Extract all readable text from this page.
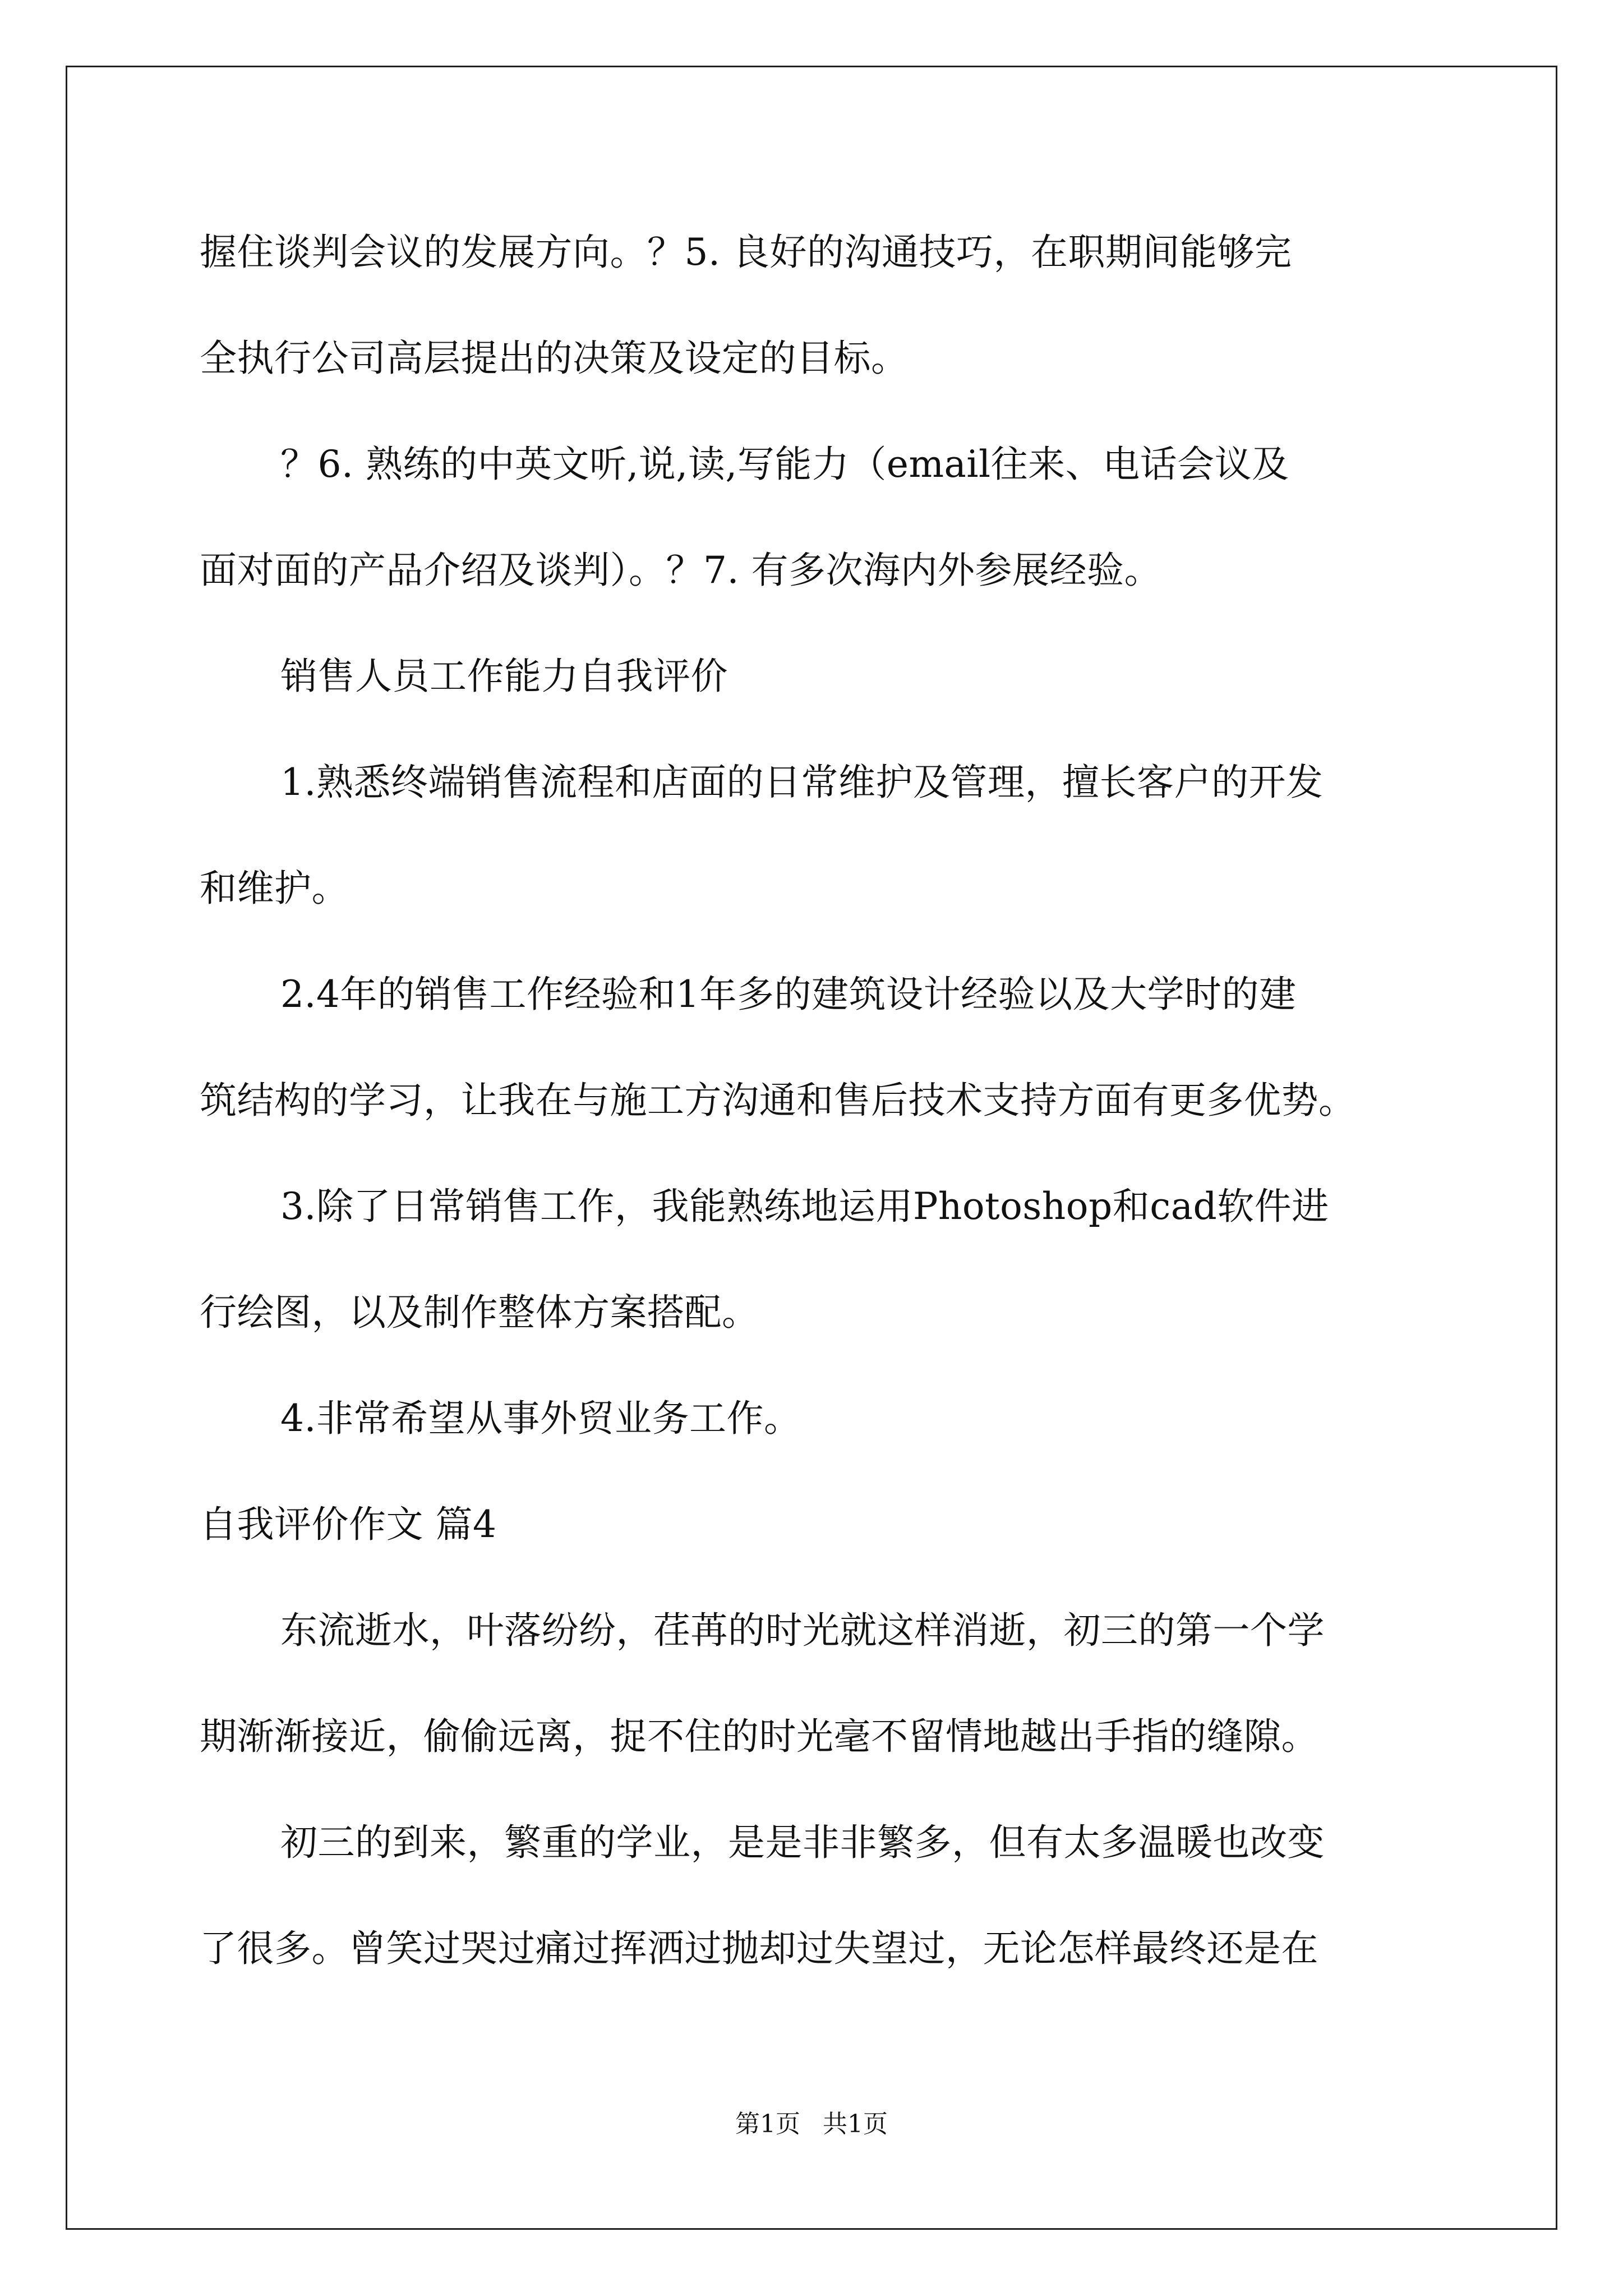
握住谈判会议的发展方向。？5. 良好的沟通技巧，在职期间能够完
全执行公司高层提出的决策及设定的目标。
？6. 熟练的中英文听,说,读,写能力（email往来、电话会议及
面对面的产品介绍及谈判）。？7. 有多次海内外参展经验。
销售人员工作能力自我评价
1.熟悉终端销售流程和店面的日常维护及管理，擅长客户的开发
和维护。
2.4年的销售工作经验和1年多的建筑设计经验以及大学时的建
筑结构的学习，让我在与施工方沟通和售后技术支持方面有更多优势。
3.除了日常销售工作，我能熟练地运用Photoshop和cad软件进
行绘图，以及制作整体方案搭配。
4.非常希望从事外贸业务工作。
自我评价作文 篇4
东流逝水，叶落纷纷，荏苒的时光就这样消逝，初三的第一个学
期渐渐接近，偷偷远离，捉不住的时光毫不留情地越出手指的缝隙。
初三的到来，繁重的学业，是是非非繁多，但有太多温暖也改变
了很多。曾笑过哭过痛过挥洒过抛却过失望过，无论怎样最终还是在
第1页 共1页
